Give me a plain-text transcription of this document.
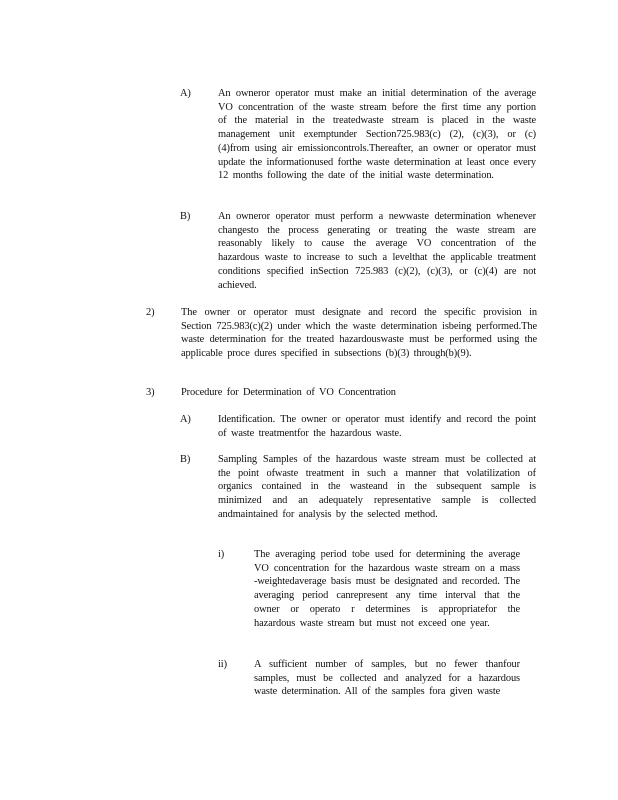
A)	An owneror operator must make an initial determination of the average VO concentration of the waste stream before the first time any portion of the material in the treatedwaste stream is placed in the waste management unit exemptunder Section725.983(c) (2), (c)(3), or (c)(4)from using air emissioncontrols.Thereafter, an owner or operator must update the informationused forthe waste determination at least once every 12 months following the date of the initial waste determination.
B)	An owneror operator must perform a newwaste determination whenever changesto the process generating or treating the waste stream are reasonably likely to cause the average VO concentration of the hazardous waste to increase to such a levelthat the applicable treatment conditions specified inSection 725.983 (c)(2), (c)(3), or (c)(4) are not achieved.
2)	The owner or operator must designate and record the specific provision in Section 725.983(c)(2) under which the waste determination isbeing performed.The waste determination for the treated hazardouswaste must be performed using the applicable proce dures specified in subsections (b)(3) through(b)(9).
3)	Procedure for Determination of VO Concentration
A)	Identification. The owner or operator must identify and record the point of waste treatmentfor the hazardous waste.
B)	Sampling Samples of the hazardous waste stream must be collected at the point ofwaste treatment in such a manner that volatilization of organics contained in the wasteand in the subsequent sample is minimized and an adequately representative sample is collected andmaintained for analysis by the selected method.
i)	The averaging period tobe used for determining the average VO concentration for the hazardous waste stream on a mass -weightedaverage basis must be designated and recorded. The averaging period canrepresent any time interval that the owner or operato r determines is appropriatefor the hazardous waste stream but must not exceed one year.
ii)	A sufficient number of samples, but no fewer thanfour samples, must be collected and analyzed for a hazardous waste determination. All of the samples fora given waste
